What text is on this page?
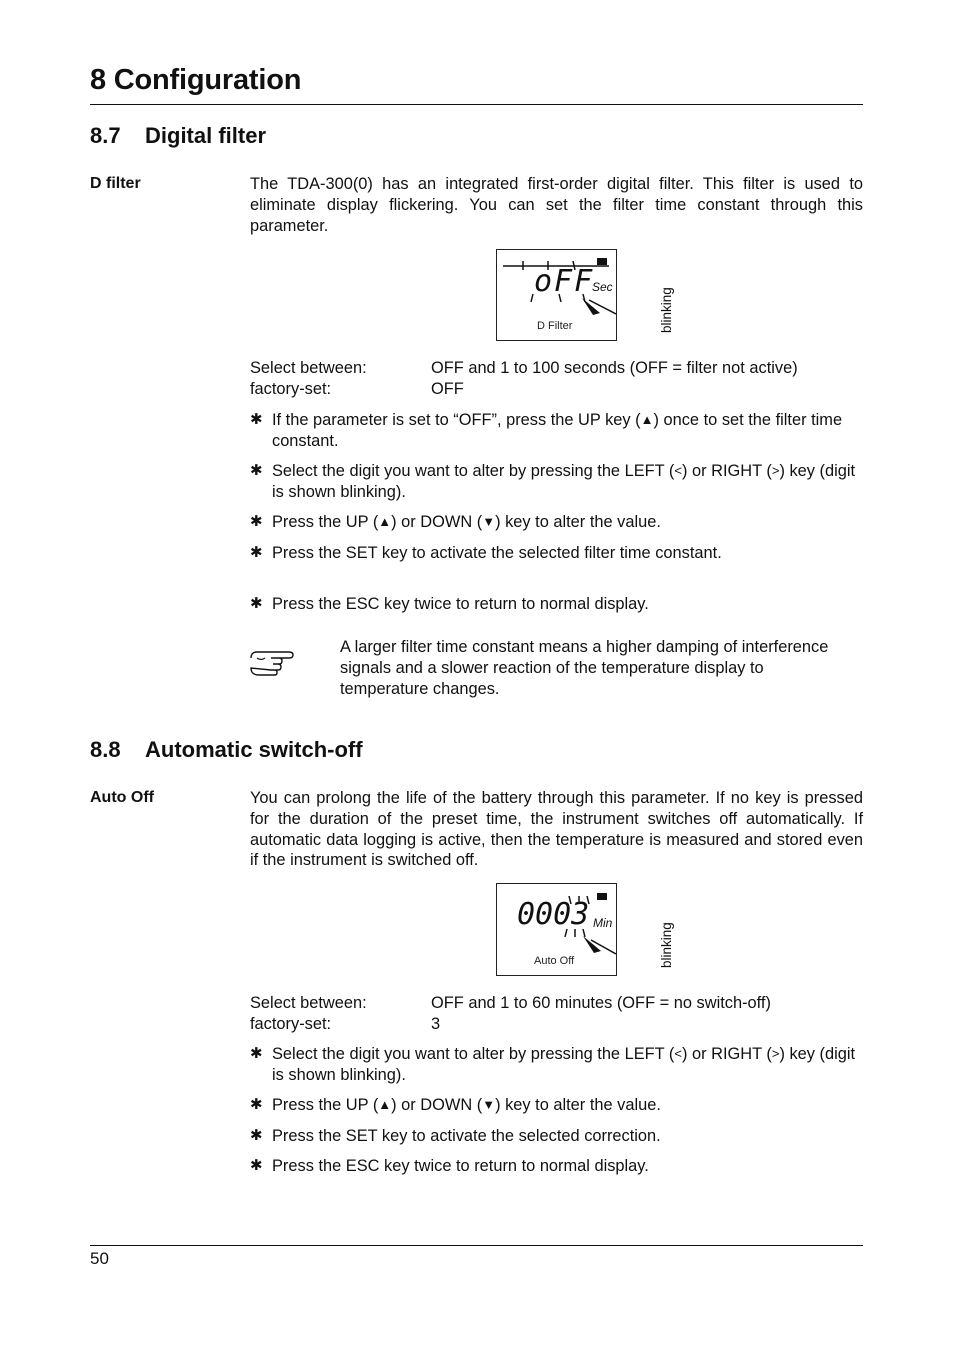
8 Configuration
8.7 Digital filter
D filter	The TDA-300(0) has an integrated first-order digital filter. This filter is used to eliminate display flickering. You can set the filter time constant through this parameter.
oFF
Sec
D Filter	blinking
Select between:	OFF and 1 to 100 seconds (OFF = filter not active)
factory-set:	OFF
✱ If the parameter is set to “OFF”, press the UP key (▲) once to set the filter time constant.
✱ Select the digit you want to alter by pressing the LEFT (<) or RIGHT (>) key (digit is shown blinking).
✱ Press the UP (▲) or DOWN (▼) key to alter the value.
✱ Press the SET key to activate the selected filter time constant.
✱ Press the ESC key twice to return to normal display.
A larger filter time constant means a higher damping of interference signals and a slower reaction of the temperature display to temperature changes.
8.8 Automatic switch-off
Auto Off	You can prolong the life of the battery through this parameter. If no key is pressed for the duration of the preset time, the instrument switches off automatically. If automatic data logging is active, then the temperature is measured and stored even if the instrument is switched off.
0003 Min
Auto Off	blinking
Select between:	OFF and 1 to 60 minutes (OFF = no switch-off)
factory-set:	3
✱ Select the digit you want to alter by pressing the LEFT (<) or RIGHT (>) key (digit is shown blinking).
✱ Press the UP (▲) or DOWN (▼) key to alter the value.
✱ Press the SET key to activate the selected correction.
✱ Press the ESC key twice to return to normal display.
50
